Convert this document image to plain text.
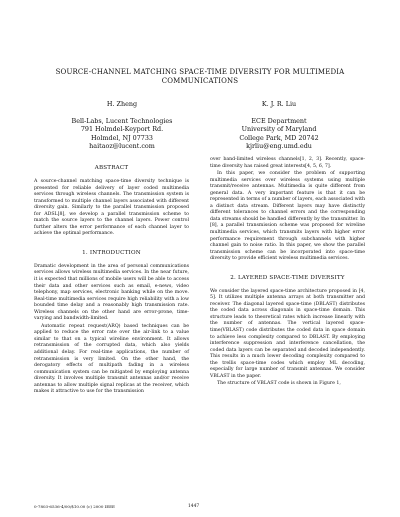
SOURCE-CHANNEL MATCHING SPACE-TIME DIVERSITY FOR MULTIMEDIA COMMUNICATIONS
H. Zheng
Bell-Labs, Lucent Technologies
791 Holmdel-Keyport Rd.
Holmdel, NJ 07733
haitaoz@lucent.com
K. J. R. Liu
ECE Department
University of Maryland
College Park, MD 20742
kjrliu@eng.umd.edu
ABSTRACT

A source-channel matching space-time diversity technique is presented for reliable delivery of layer coded multimedia services through wireless channels. The transmission system is transformed to multiple channel layers associated with different diversity gain. Similarly to the parallel transmission proposed for ADSL[8], we develop a parallel transmission scheme to match the source layers to the channel layers. Power control further alters the error performance of each channel layer to achieve the optimal performance.

1. INTRODUCTION

Dramatic development in the area of personal communications services allows wireless multimedia services. In the near future, it is expected that millions of mobile users will be able to access their data and other services such as email, e-news, video telephony, map services, electronic banking while on the move. Real-time multimedia services require high reliability with a low bounded time delay and a reasonably high transmission rate. Wireless channels on the other hand are error-prone, time-varying and bandwidth-limited.

Automatic repeat request(ARQ) based techniques can be applied to reduce the error rate over the air-link to a value similar to that on a typical wireline environment. It allows retransmission of the corrupted data, which also yields additional delay. For real-time applications, the number of retransmission is very limited. On the other hand, the derogatory effects of multipath fading in a wireless communication system can be mitigated by employing antenna diversity. It involves multiple transmit antennas and/or receive antennas to allow multiple signal replicas at the receiver, which makes it attractive to use for the transmission

over band-limited wireless channels[1, 2, 3]. Recently, space-time diversity has raised great interests[4, 5, 6, 7].

In this paper, we consider the problem of supporting multimedia services over wireless systems using multiple transmit/receive antennas. Multimedia is quite different from general data. A very important feature is that it can be represented in terms of a number of layers, each associated with a distinct data stream. Different layers may have distinctly different tolerances to channel errors and the corresponding data streams should be handled differently by the transmitter. In [8], a parallel transmission scheme was proposed for wireline multimedia services, which transmits layers with higher error performance requirement through subchannels with higher channel gain to noise ratio. In this paper, we show the parallel transmission scheme can be incorporated into space-time diversity to provide efficient wireless multimedia services.

2. LAYERED SPACE-TIME DIVERSITY

We consider the layered space-time architecture proposed in [4, 5]. It utilizes multiple antenna arrays at both transmitter and receiver. The diagonal layered space-time (DBLAST) distributes the coded data across diagonals in space-time domain. This structure leads to theoretical rates which increase linearly with the number of antennas. The vertical layered space-time(VBLAST) code distributes the coded data in space domain to achieve less complexity compared to DBLAST. By employing interference suppression and interference cancellation, the coded data layers can be separated and decoded independently. This results in a much lower decoding complexity compared to the trellis space-time codes which employ ML decoding, especially for large number of transmit antennas. We consider VBLAST in the paper.

The structure of VBLAST code is shown in Figure 1,

0-7803-6536-4/00/$10.00 (c) 2000 IEEE	1447
